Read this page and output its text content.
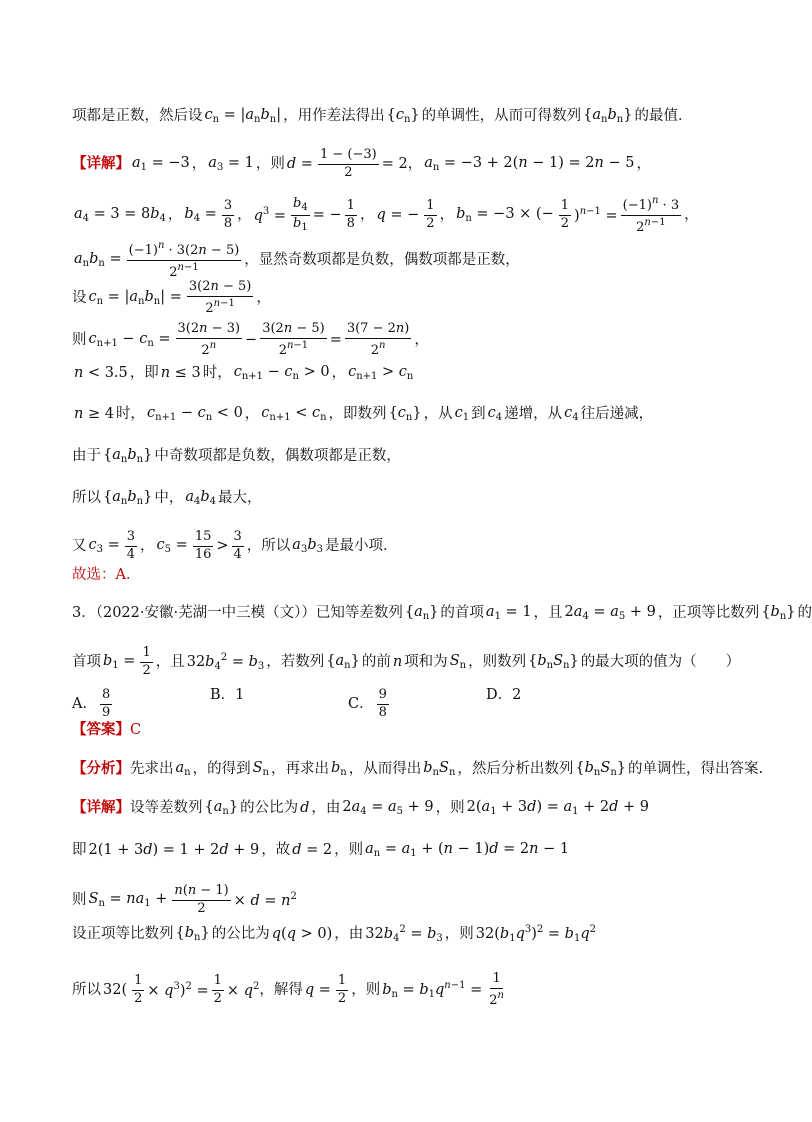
项都是正数，然后设 $c_n = |a_nb_n|$ ，用作差法得出 $\{c_n\}$ 的单调性，从而可得数列 $\{a_nb_n\}$ 的最值．
【详解】 $a_1 = -3$ ， $a_3 = 1$ ，则 $d = \frac{1 - (-3)}{2} = 2$ ， $a_n = -3 + 2(n - 1) = 2n - 5$ ，
$a_4 = 3 = 8b_4$ ， $b_4 = \frac{3}{8}$ ， $q^3 = \frac{b_4}{b_1}$ = − $\frac{1}{8}$ ， q = − $\frac{1}{2}$ ， $b_n = -3$ × (− $\frac{1}{2} )^{n-1} = \frac{(-1)^n \cdot 3}{2^{n-1}}$ ，
$a_nb_n = \frac{(-1)^n \cdot 3(2n - 5)}{2^{n-1}}$ ，显然奇数项都是负数，偶数项都是正数，
设 $c_n = |a_nb_n| = \frac{3(2n - 5)}{2^{n-1}}$ ，
则 $c_{n+1} - c_n = \frac{3(2n - 3)}{2^n} - \frac{3(2n - 5)}{2^{n-1}} = \frac{3(7 - 2n)}{2^n}$ ，
n < 3.5 ，即 n ≤ 3 时， $c_{n+1} - c_n > 0$ ， $c_{n+1} > c_n$
n ≥ 4 时， $c_{n+1} - c_n < 0$ ， $c_{n+1} < c_n$ ，即数列 $\{c_n\}$ ，从 $c_1$ 到 $c_4$ 递增，从 $c_4$ 往后递减，
由于 $\{a_nb_n\}$ 中奇数项都是负数，偶数项都是正数，
所以 $\{a_nb_n\}$ 中， $a_4b_4$ 最大，
又 $c_3 = \frac{3}{4}$ ， $c_5 = \frac{15}{16} > \frac{3}{4}$ ，所以 $a_3b_3$ 是最小项．
故选：A．
3．（2022·安徽·芜湖一中三模（文））已知等差数列 $\{a_n\}$ 的首项 $a_1 = 1$ ，且 $2a_4 = a_5 + 9$ ，正项等比数列 $\{b_n\}$ 的
首项 $b_1 = \frac{1}{2}$ ，且 $32b_4^2 = b_3$ ，若数列 $\{a_n\}$ 的前 n 项和为 $S_n$ ，则数列 $\{b_nS_n\}$ 的最大项的值为（　　）
A． $\frac{8}{9}$	B．1
C． $\frac{9}{8}$	D．2
【答案】 C
【分析】 先求出 $a_n$ ，的得到 $S_n$ ，再求出 $b_n$ ，从而得出 $b_nS_n$ ，然后分析出数列 $\{b_nS_n\}$ 的单调性，得出答案.
【详解】 设等差数列 $\{a_n\}$ 的公比为 d ，由 $2a_4 = a_5 + 9$ ，则 $2(a_1 + 3d) = a_1 + 2d + 9$
即 2(1 + 3d) = 1 + 2d + 9 ，故 d = 2 ，则 $a_n = a_1 + (n - 1)d = 2n - 1$
则 $S_n = na_1 + \frac{n(n - 1)}{2} \times d = n^2$
设正项等比数列 $\{b_n\}$ 的公比为 q(q > 0) ，由 $32b_4^2 = b_3$ ，则 $32(b_1q^3)^2 = b_1q^2$
所以 $32( \frac{1}{2} \times q^3)^2 = \frac{1}{2} \times q^2$ ，解得 $q = \frac{1}{2}$ ，则 $b_n = b_1q^{n-1} = \frac{1}{2^n}$
